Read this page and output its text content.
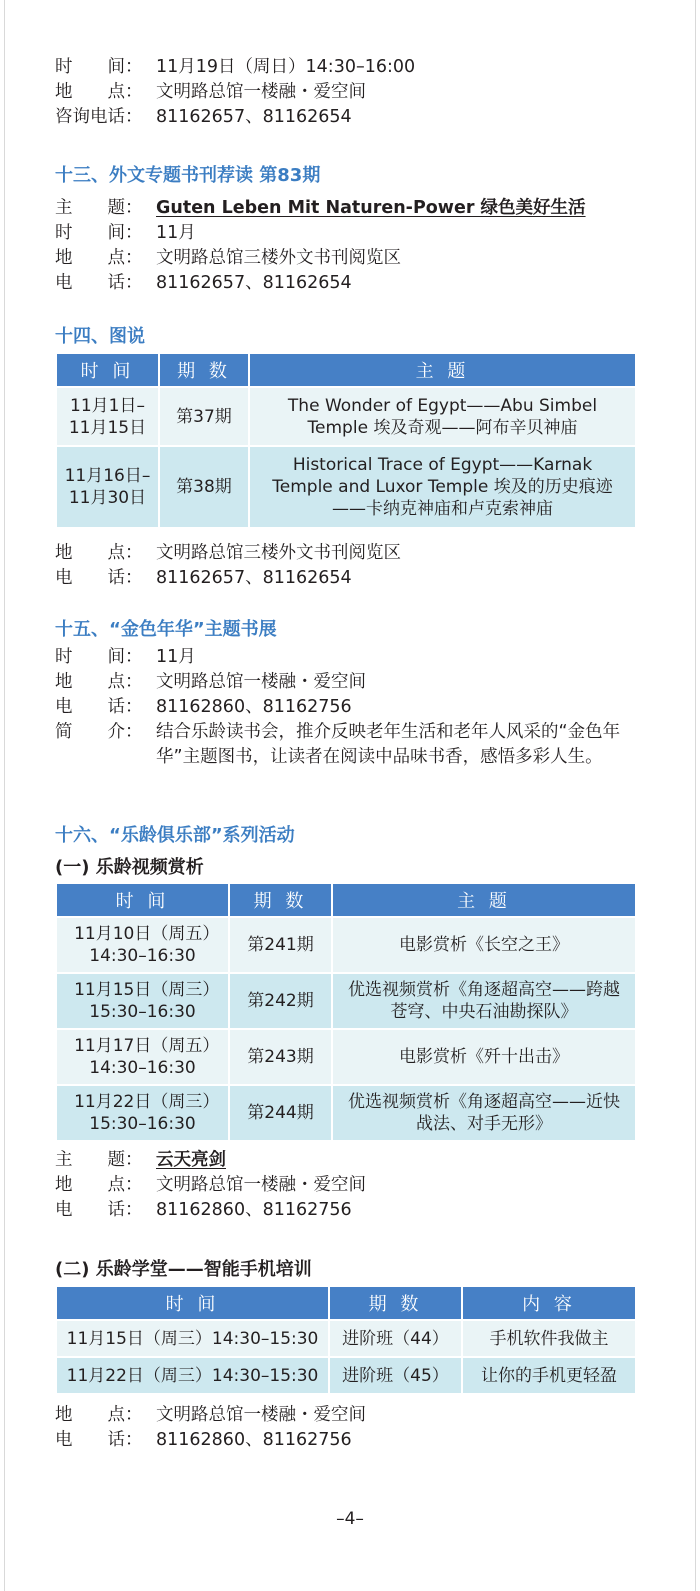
时　　间： 11月19日（周日）14:30–16:00
地　　点： 文明路总馆一楼融・爱空间
咨询电话： 81162657、81162654
十三、外文专题书刊荐读 第83期
主　　题： Guten Leben Mit Naturen-Power 绿色美好生活
时　　间： 11月
地　　点： 文明路总馆三楼外文书刊阅览区
电　　话： 81162657、81162654
十四、图说
时 间	期 数	主 题
11月1日–11月15日	第37期	The Wonder of Egypt——Abu Simbel Temple 埃及奇观——阿布辛贝神庙
11月16日–11月30日	第38期	Historical Trace of Egypt——Karnak Temple and Luxor Temple 埃及的历史痕迹——卡纳克神庙和卢克索神庙
地　　点： 文明路总馆三楼外文书刊阅览区
电　　话： 81162657、81162654
十五、“金色年华”主题书展
时　　间： 11月
地　　点： 文明路总馆一楼融・爱空间
电　　话： 81162860、81162756
简　　介： 结合乐龄读书会，推介反映老年生活和老年人风采的“金色年华”主题图书，让读者在阅读中品味书香，感悟多彩人生。
十六、“乐龄俱乐部”系列活动
(一) 乐龄视频赏析
时 间	期 数	主 题
11月10日（周五）14:30–16:30	第241期	电影赏析《长空之王》
11月15日（周三）15:30–16:30	第242期	优选视频赏析《角逐超高空——跨越苍穹、中央石油勘探队》
11月17日（周五）14:30–16:30	第243期	电影赏析《歼十出击》
11月22日（周三）15:30–16:30	第244期	优选视频赏析《角逐超高空——近快战法、对手无形》
主　　题： 云天亮剑
地　　点： 文明路总馆一楼融・爱空间
电　　话： 81162860、81162756
(二) 乐龄学堂——智能手机培训
时 间	期 数	内 容
11月15日（周三）14:30–15:30	进阶班（44）	手机软件我做主
11月22日（周三）14:30–15:30	进阶班（45）	让你的手机更轻盈
地　　点： 文明路总馆一楼融・爱空间
电　　话： 81162860、81162756
–4–
